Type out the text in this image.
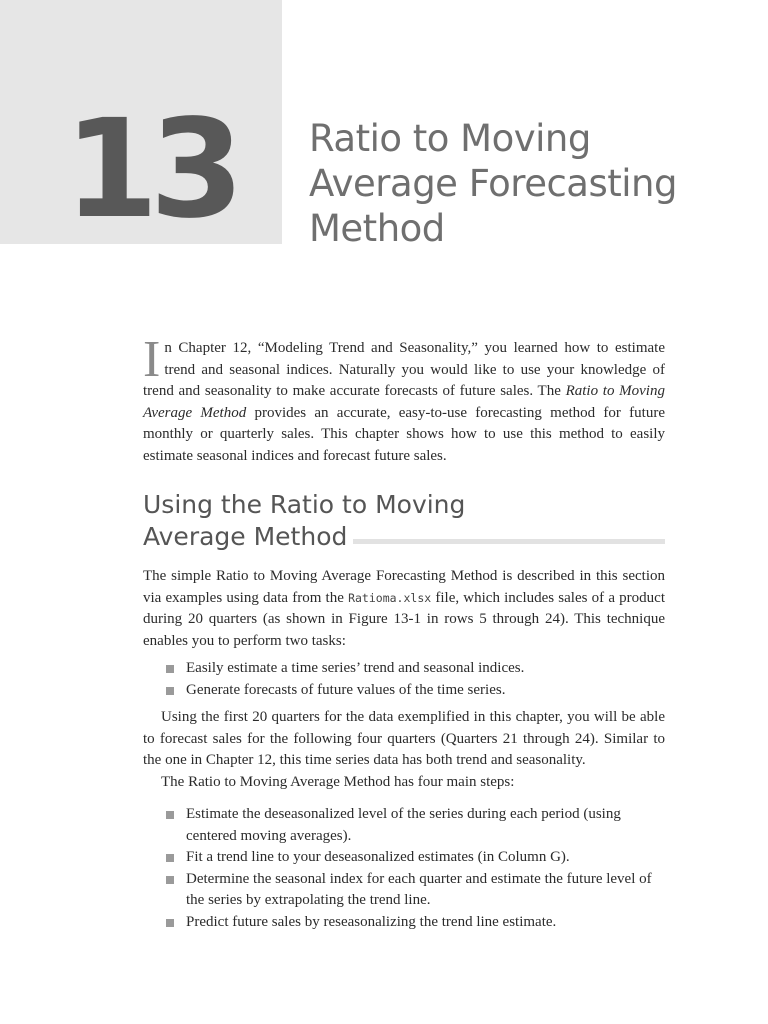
13 Ratio to Moving
Average Forecasting
Method
I n Chapter 12, “Modeling Trend and Seasonality,” you learned how to estimate trend and seasonal indices. Naturally you would like to use your knowledge of trend and seasonality to make accurate forecasts of future sales. The Ratio to Moving Average Method provides an accurate, easy-to-use forecasting method for future monthly or quarterly sales. This chapter shows how to use this method to easily estimate seasonal indices and forecast future sales.

Using the Ratio to Moving
Average Method

The simple Ratio to Moving Average Forecasting Method is described in this section via examples using data from the Ratioma.xlsx file, which includes sales of a product during 20 quarters (as shown in Figure 13-1 in rows 5 through 24). This technique enables you to perform two tasks:

Easily estimate a time series’ trend and seasonal indices.
Generate forecasts of future values of the time series.

Using the first 20 quarters for the data exemplified in this chapter, you will be able to forecast sales for the following four quarters (Quarters 21 through 24). Similar to the one in Chapter 12, this time series data has both trend and seasonality.

The Ratio to Moving Average Method has four main steps:

Estimate the deseasonalized level of the series during each period (using centered moving averages).
Fit a trend line to your deseasonalized estimates (in Column G).
Determine the seasonal index for each quarter and estimate the future level of the series by extrapolating the trend line.
Predict future sales by reseasonalizing the trend line estimate.
